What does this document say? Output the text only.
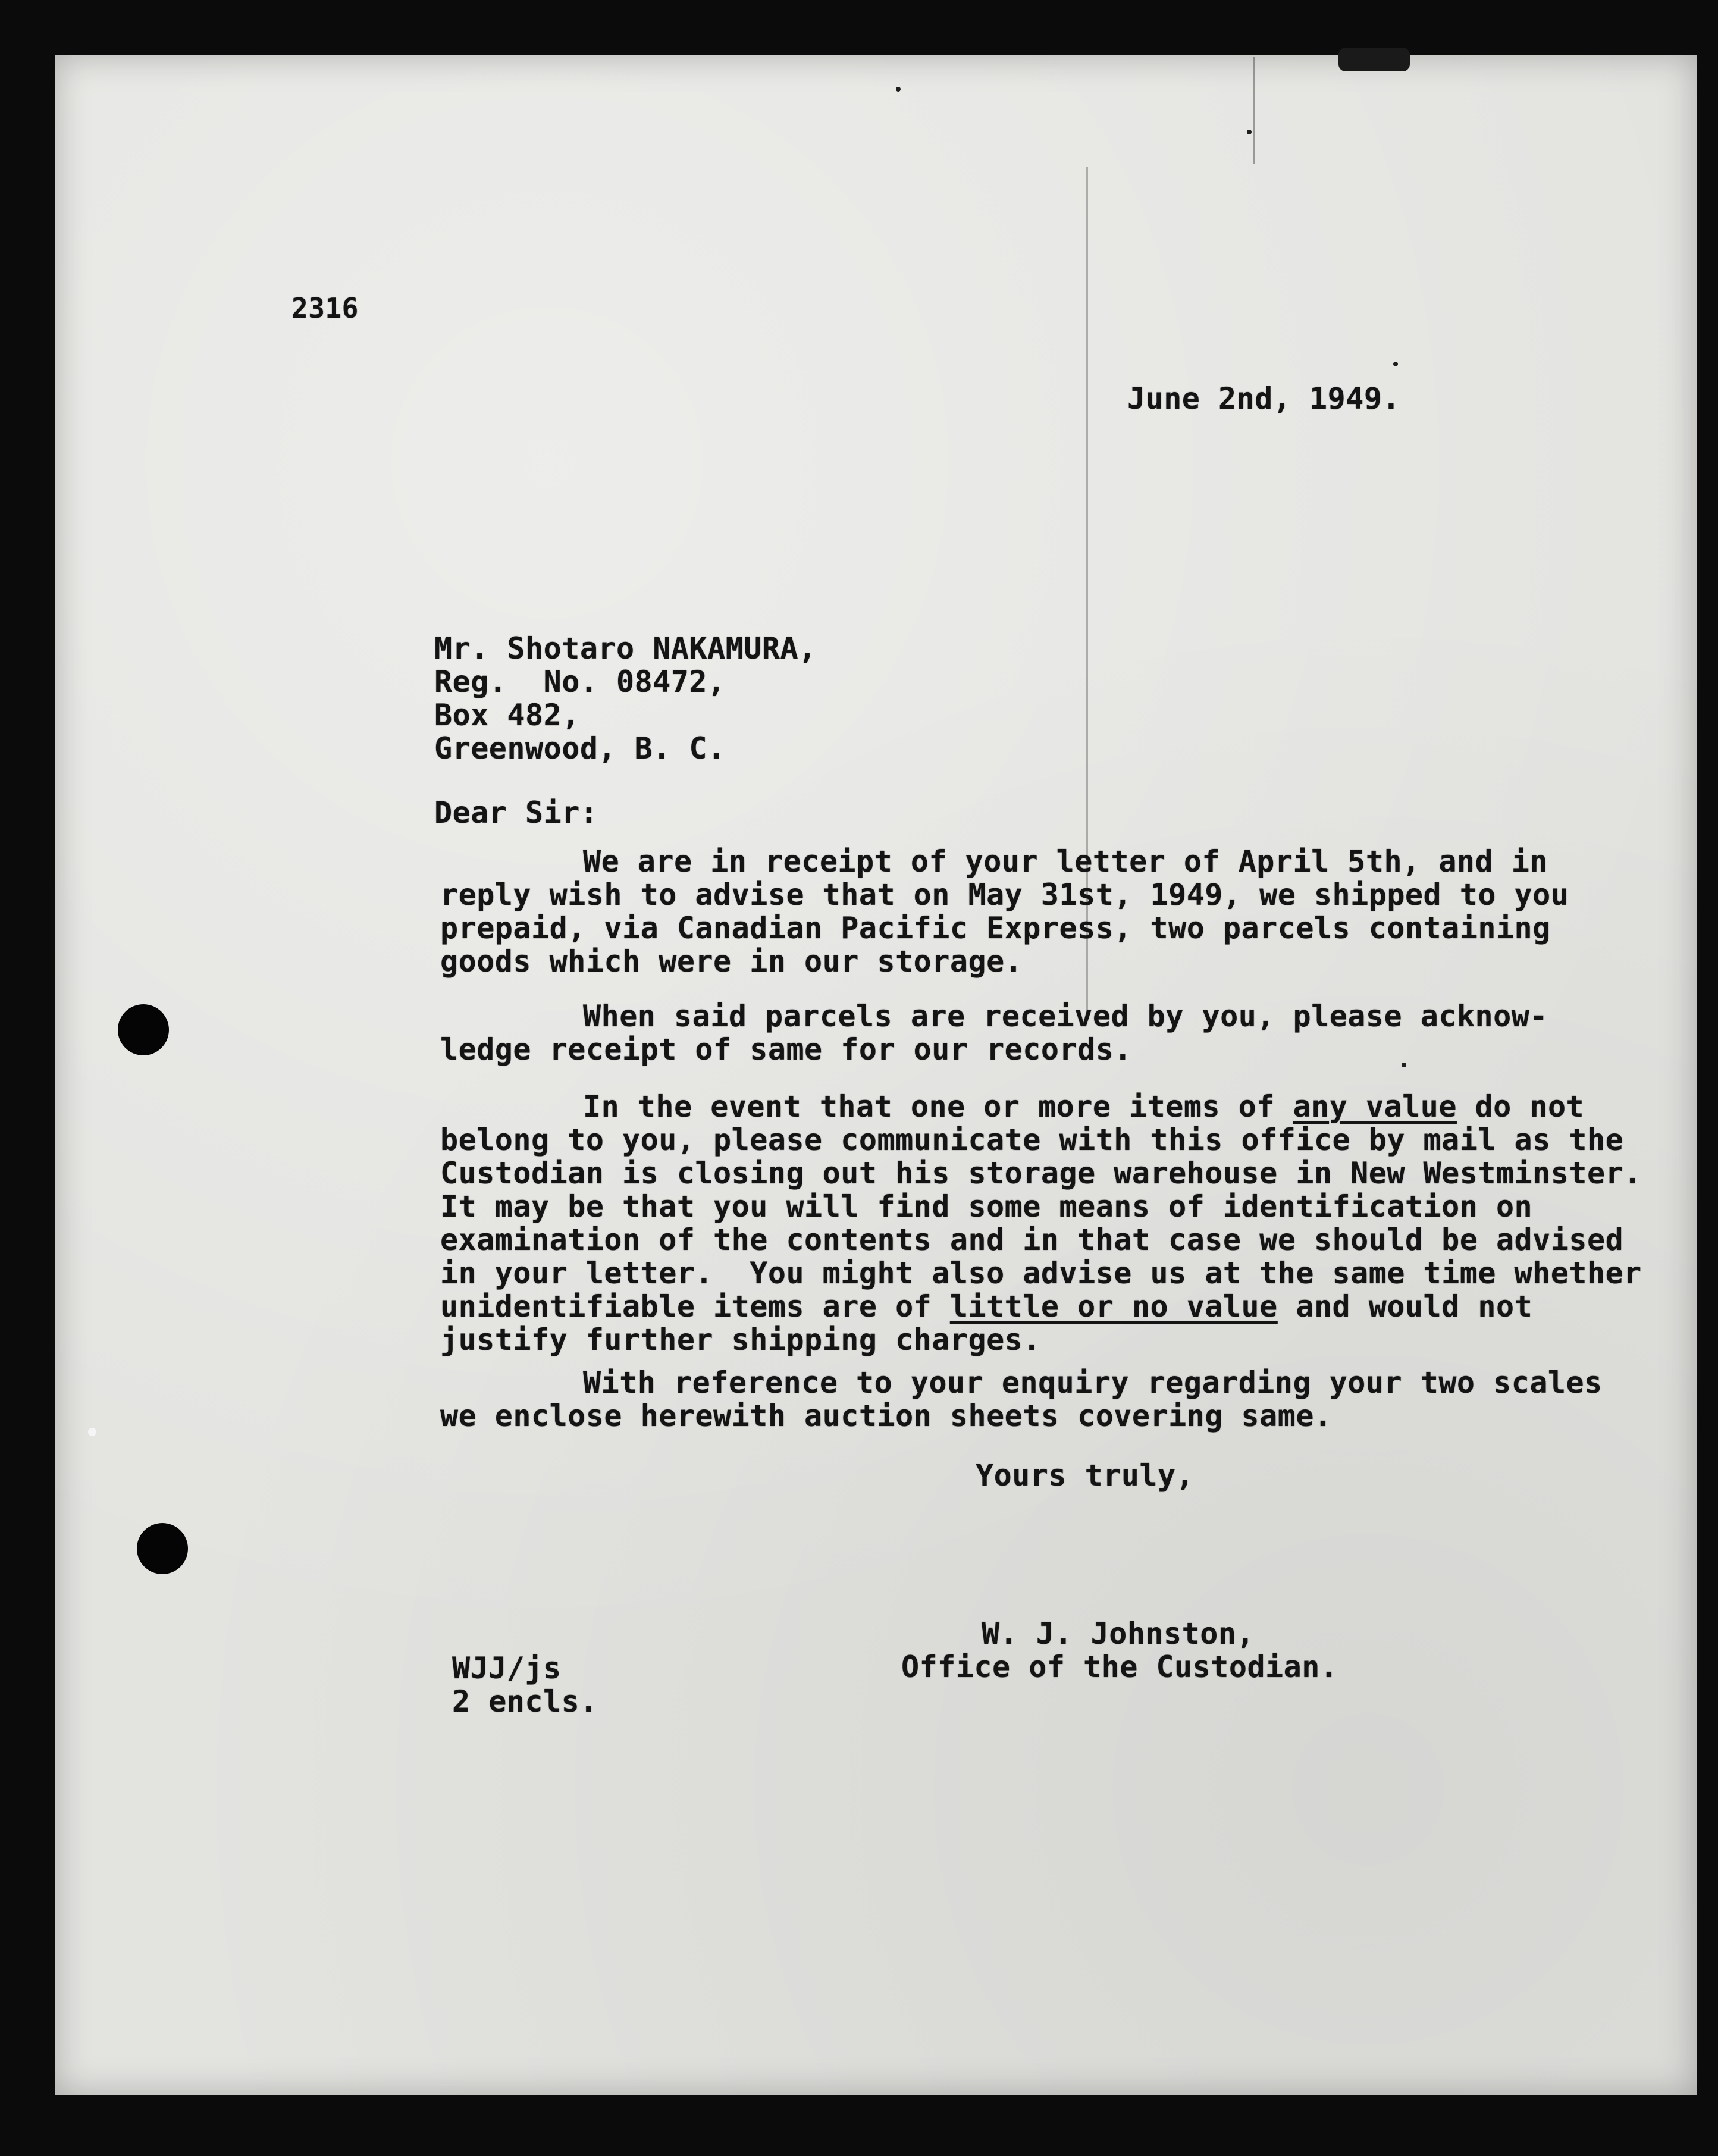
2316
June 2nd, 1949.
Mr. Shotaro NAKAMURA,
Reg.  No. 08472,
Box 482,
Greenwood, B. C.
Dear Sir:
We are in receipt of your letter of April 5th, and in
reply wish to advise that on May 31st, 1949, we shipped to you
prepaid, via Canadian Pacific Express, two parcels containing
goods which were in our storage.
When said parcels are received by you, please acknow-
ledge receipt of same for our records.
In the event that one or more items of any value do not
belong to you, please communicate with this office by mail as the
Custodian is closing out his storage warehouse in New Westminster.
It may be that you will find some means of identification on
examination of the contents and in that case we should be advised
in your letter.  You might also advise us at the same time whether
unidentifiable items are of little or no value and would not
justify further shipping charges.
With reference to your enquiry regarding your two scales
we enclose herewith auction sheets covering same.
Yours truly,
W. J. Johnston,
Office of the Custodian.
WJJ/js
2 encls.
